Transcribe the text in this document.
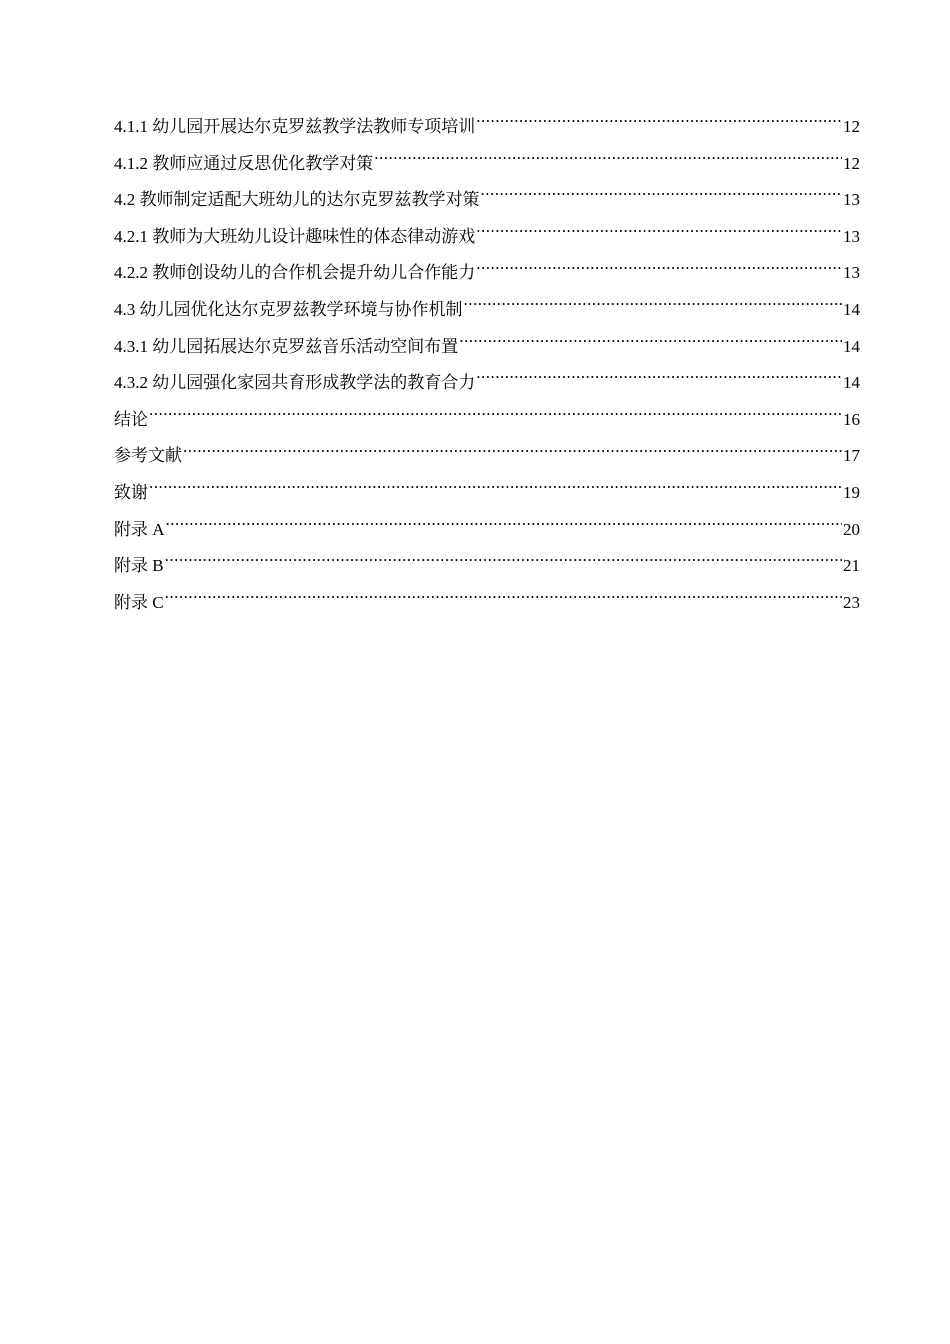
4.1.1 幼儿园开展达尔克罗兹教学法教师专项培训 .....	12
4.1.2 教师应通过反思优化教学对策 .....	12
4.2 教师制定适配大班幼儿的达尔克罗兹教学对策 .....	13
4.2.1 教师为大班幼儿设计趣味性的体态律动游戏 .....	13
4.2.2 教师创设幼儿的合作机会提升幼儿合作能力 .....	13
4.3 幼儿园优化达尔克罗兹教学环境与协作机制 .....	14
4.3.1 幼儿园拓展达尔克罗兹音乐活动空间布置 .....	14
4.3.2 幼儿园强化家园共育形成教学法的教育合力 .....	14
结论 .....	16
参考文献 .....	17
致谢 .....	19
附录 A .....	20
附录 B .....	21
附录 C .....	23
